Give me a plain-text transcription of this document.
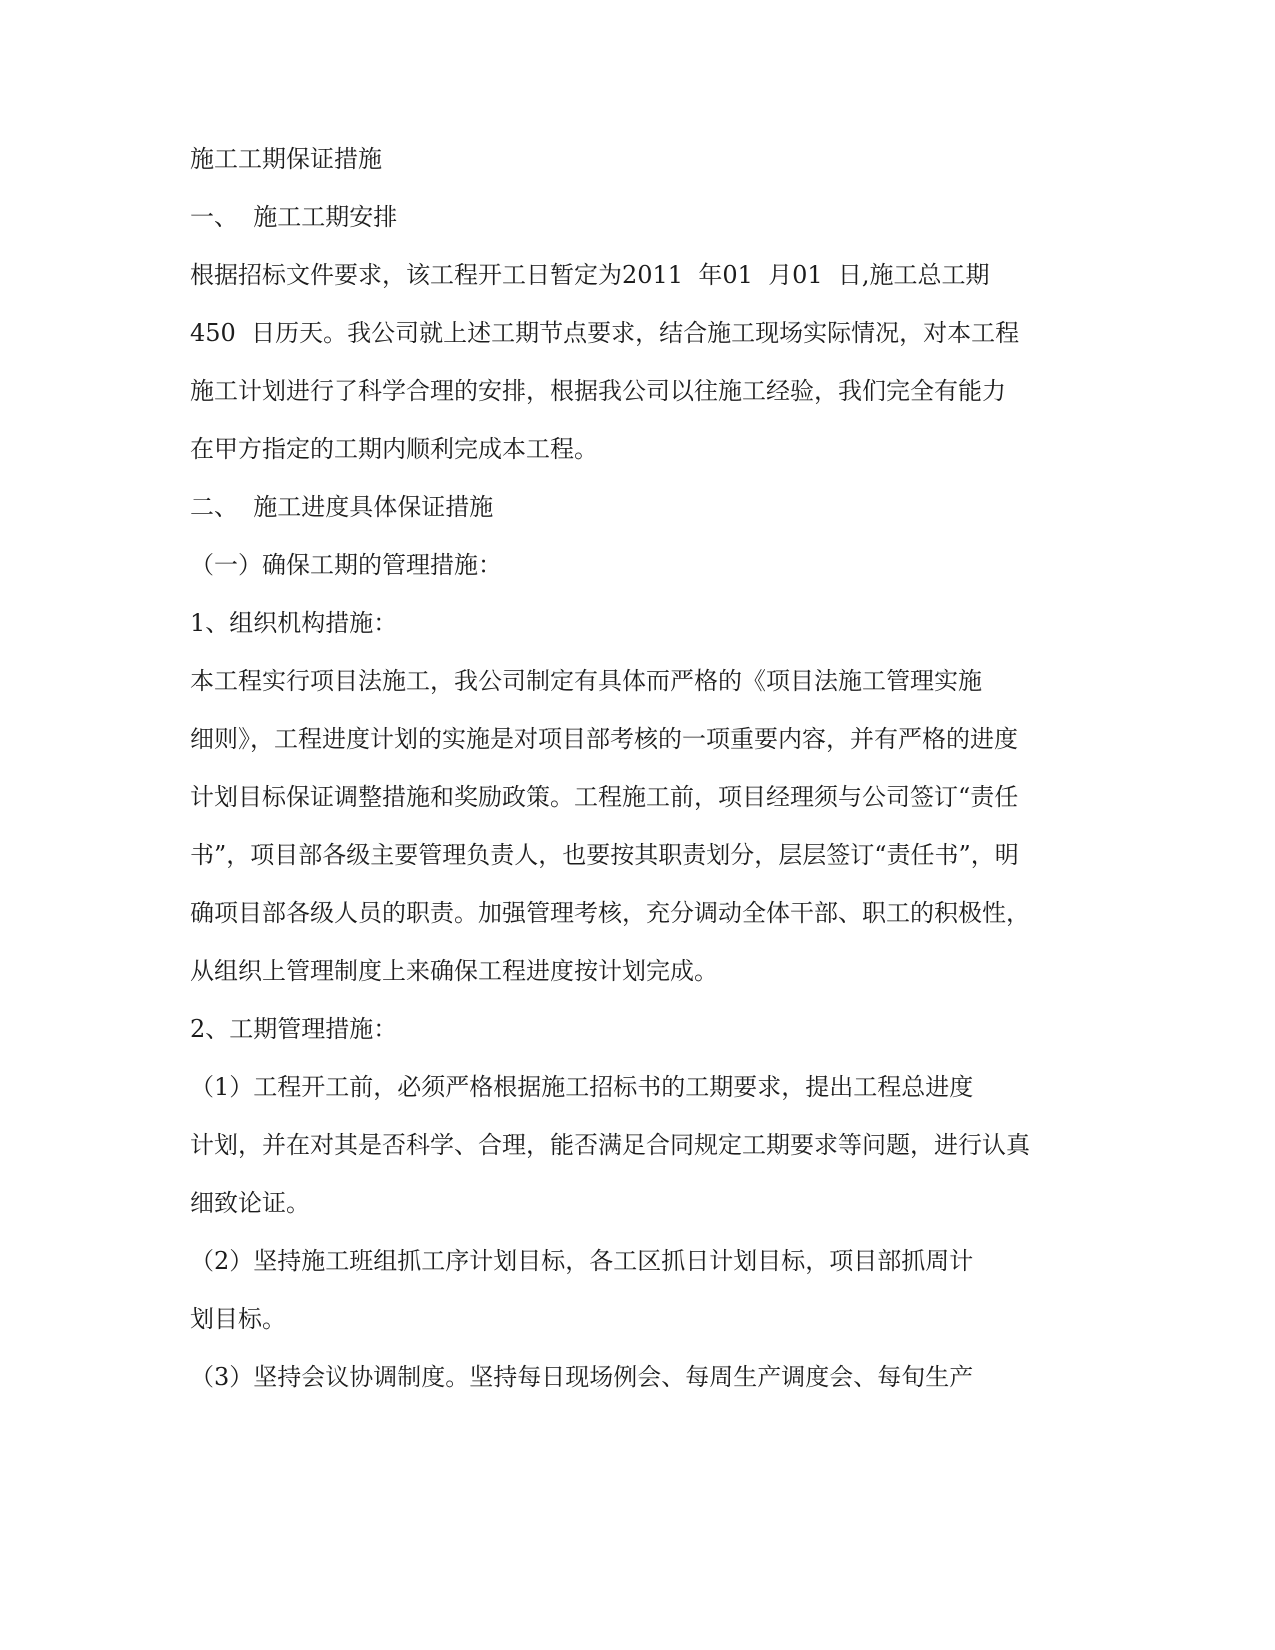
施工工期保证措施
一、  施工工期安排
根据招标文件要求，该工程开工日暂定为2011  年01  月01  日,施工总工期
450  日历天。我公司就上述工期节点要求，结合施工现场实际情况，对本工程
施工计划进行了科学合理的安排，根据我公司以往施工经验，我们完全有能力
在甲方指定的工期内顺利完成本工程。
二、  施工进度具体保证措施
（一）确保工期的管理措施：
1、组织机构措施：
本工程实行项目法施工，我公司制定有具体而严格的《项目法施工管理实施
细则》，工程进度计划的实施是对项目部考核的一项重要内容，并有严格的进度
计划目标保证调整措施和奖励政策。工程施工前，项目经理须与公司签订“责任
书”，项目部各级主要管理负责人，也要按其职责划分，层层签订“责任书”，明
确项目部各级人员的职责。加强管理考核，充分调动全体干部、职工的积极性，
从组织上管理制度上来确保工程进度按计划完成。
2、工期管理措施：
（1）工程开工前，必须严格根据施工招标书的工期要求，提出工程总进度
计划，并在对其是否科学、合理，能否满足合同规定工期要求等问题，进行认真
细致论证。
（2）坚持施工班组抓工序计划目标，各工区抓日计划目标，项目部抓周计
划目标。
（3）坚持会议协调制度。坚持每日现场例会、每周生产调度会、每旬生产
